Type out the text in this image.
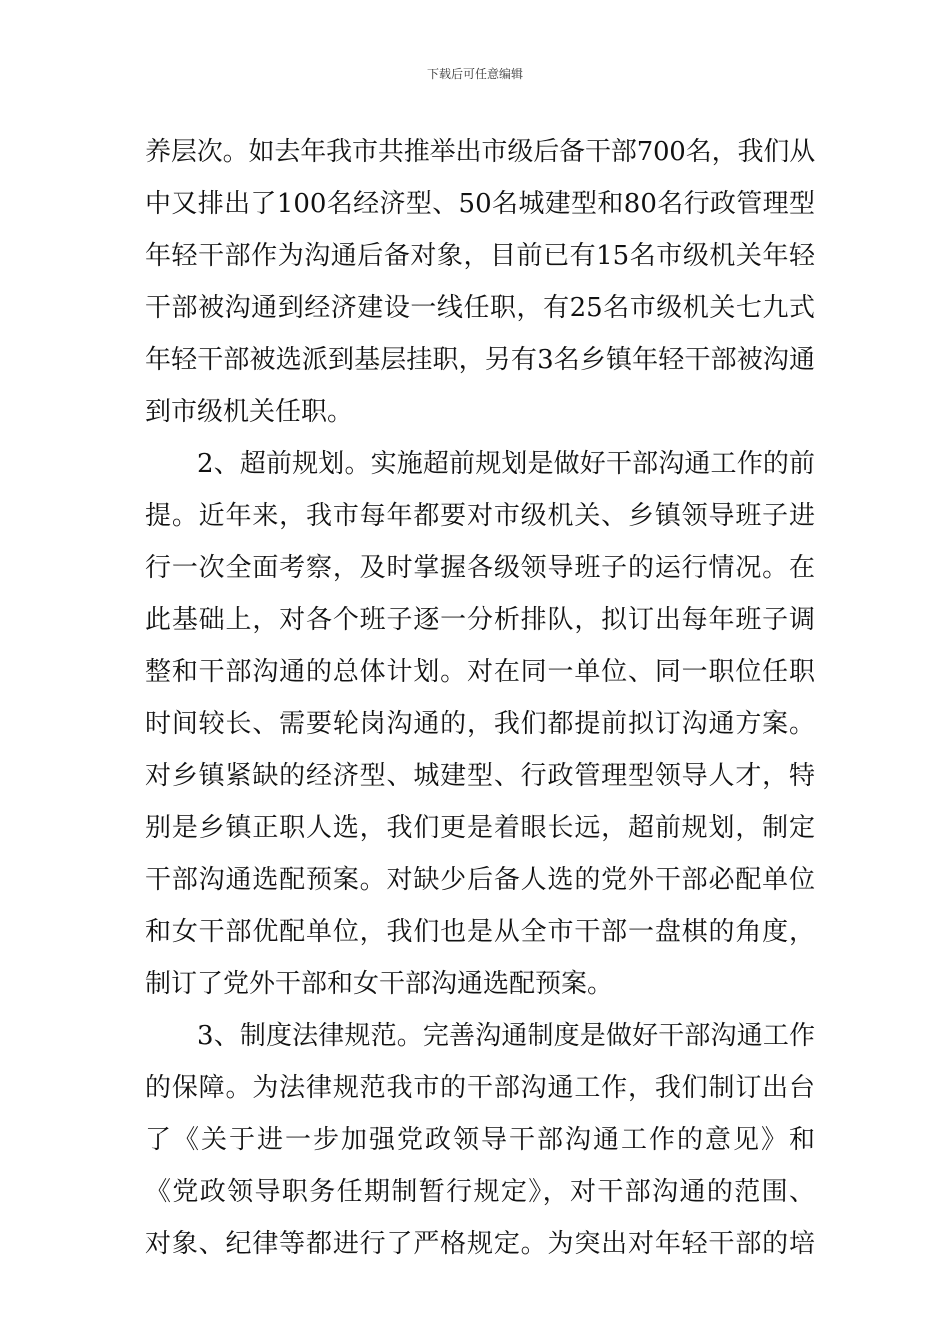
下载后可任意编辑
养层次。如去年我市共推举出市级后备干部700名，我们从
中又排出了100名经济型、50名城建型和80名行政管理型
年轻干部作为沟通后备对象，目前已有15名市级机关年轻
干部被沟通到经济建设一线任职，有25名市级机关七九式
年轻干部被选派到基层挂职，另有3名乡镇年轻干部被沟通
到市级机关任职。
2、超前规划。实施超前规划是做好干部沟通工作的前
提。近年来，我市每年都要对市级机关、乡镇领导班子进
行一次全面考察，及时掌握各级领导班子的运行情况。在
此基础上，对各个班子逐一分析排队，拟订出每年班子调
整和干部沟通的总体计划。对在同一单位、同一职位任职
时间较长、需要轮岗沟通的，我们都提前拟订沟通方案。
对乡镇紧缺的经济型、城建型、行政管理型领导人才，特
别是乡镇正职人选，我们更是着眼长远，超前规划，制定
干部沟通选配预案。对缺少后备人选的党外干部必配单位
和女干部优配单位，我们也是从全市干部一盘棋的角度，
制订了党外干部和女干部沟通选配预案。
3、制度法律规范。完善沟通制度是做好干部沟通工作
的保障。为法律规范我市的干部沟通工作，我们制订出台
了《关于进一步加强党政领导干部沟通工作的意见》和
《党政领导职务任期制暂行规定》，对干部沟通的范围、
对象、纪律等都进行了严格规定。为突出对年轻干部的培
